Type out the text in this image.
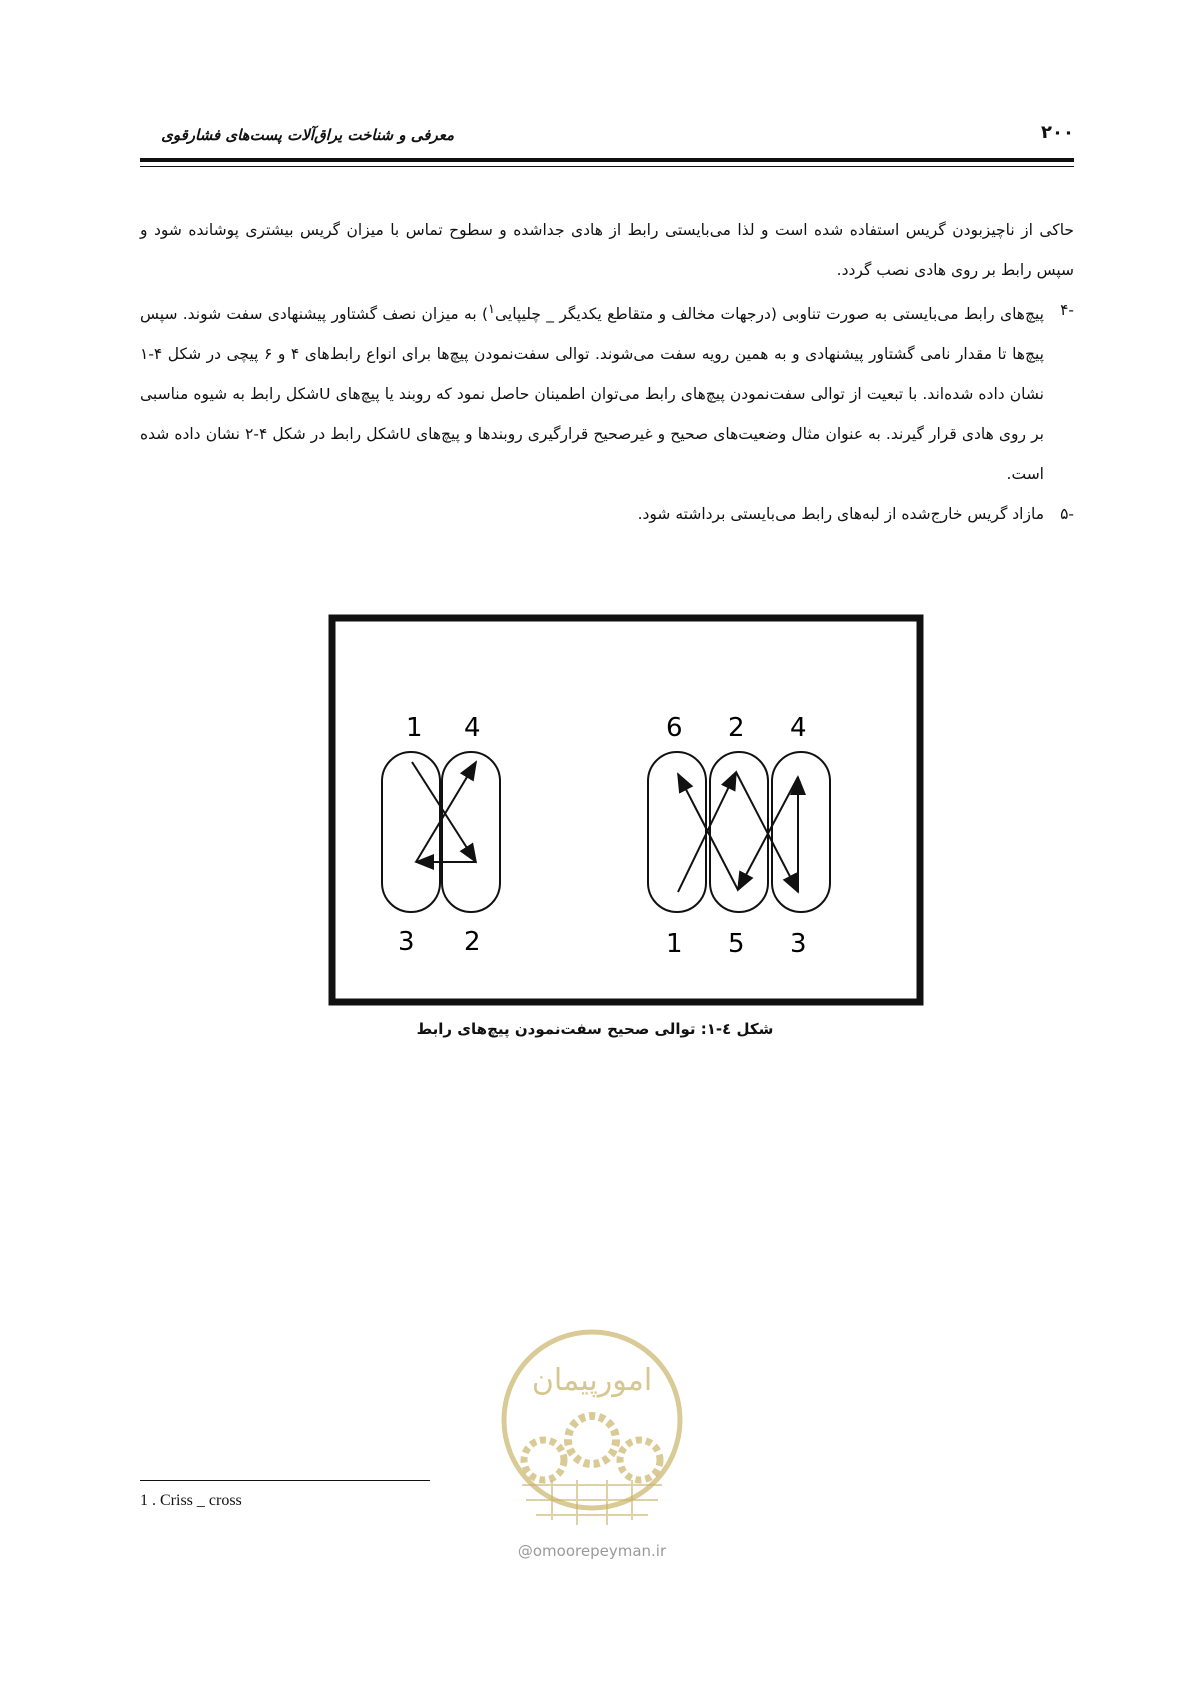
معرفی و شناخت یراق‌آلات پست‌های فشارقوی	۲۰۰

حاکی از ناچیزبودن گریس استفاده شده است و لذا می‌بایستی رابط از هادی جداشده و سطوح تماس با میزان گریس بیشتری پوشانده شود و سپس رابط بر روی هادی نصب گردد.

-۴
پیچ‌های رابط می‌بایستی به صورت تناوبی (درجهات مخالف و متقاطع یکدیگر _ چلیپایی$^۱$) به میزان نصف گشتاور پیشنهادی سفت شوند. سپس پیچ‌ها تا مقدار نامی گشتاور پیشنهادی و به همین رویه سفت می‌شوند. توالی سفت‌نمودن پیچ‌ها برای انواع رابط‌های ۴ و ۶ پیچی در شکل ۴-۱ نشان داده شده‌اند. با تبعیت از توالی سفت‌نمودن پیچ‌های رابط می‌توان اطمینان حاصل نمود که روبند یا پیچ‌های Uشکل رابط به شیوه مناسبی بر روی هادی قرار گیرند. به عنوان مثال وضعیت‌های صحیح و غیرصحیح قرارگیری روبندها و پیچ‌های Uشکل رابط در شکل ۴-۲ نشان داده شده است.

-۵
مازاد گریس خارج‌شده از لبه‌های رابط می‌بایستی برداشته شود.

1 4
3 2
6 2 4
1 5 3
شکل ٤-١: توالی صحیح سفت‌نمودن پیچ‌های رابط
امورپیمان
@omoorepeyman.ir
1 . Criss _ cross
